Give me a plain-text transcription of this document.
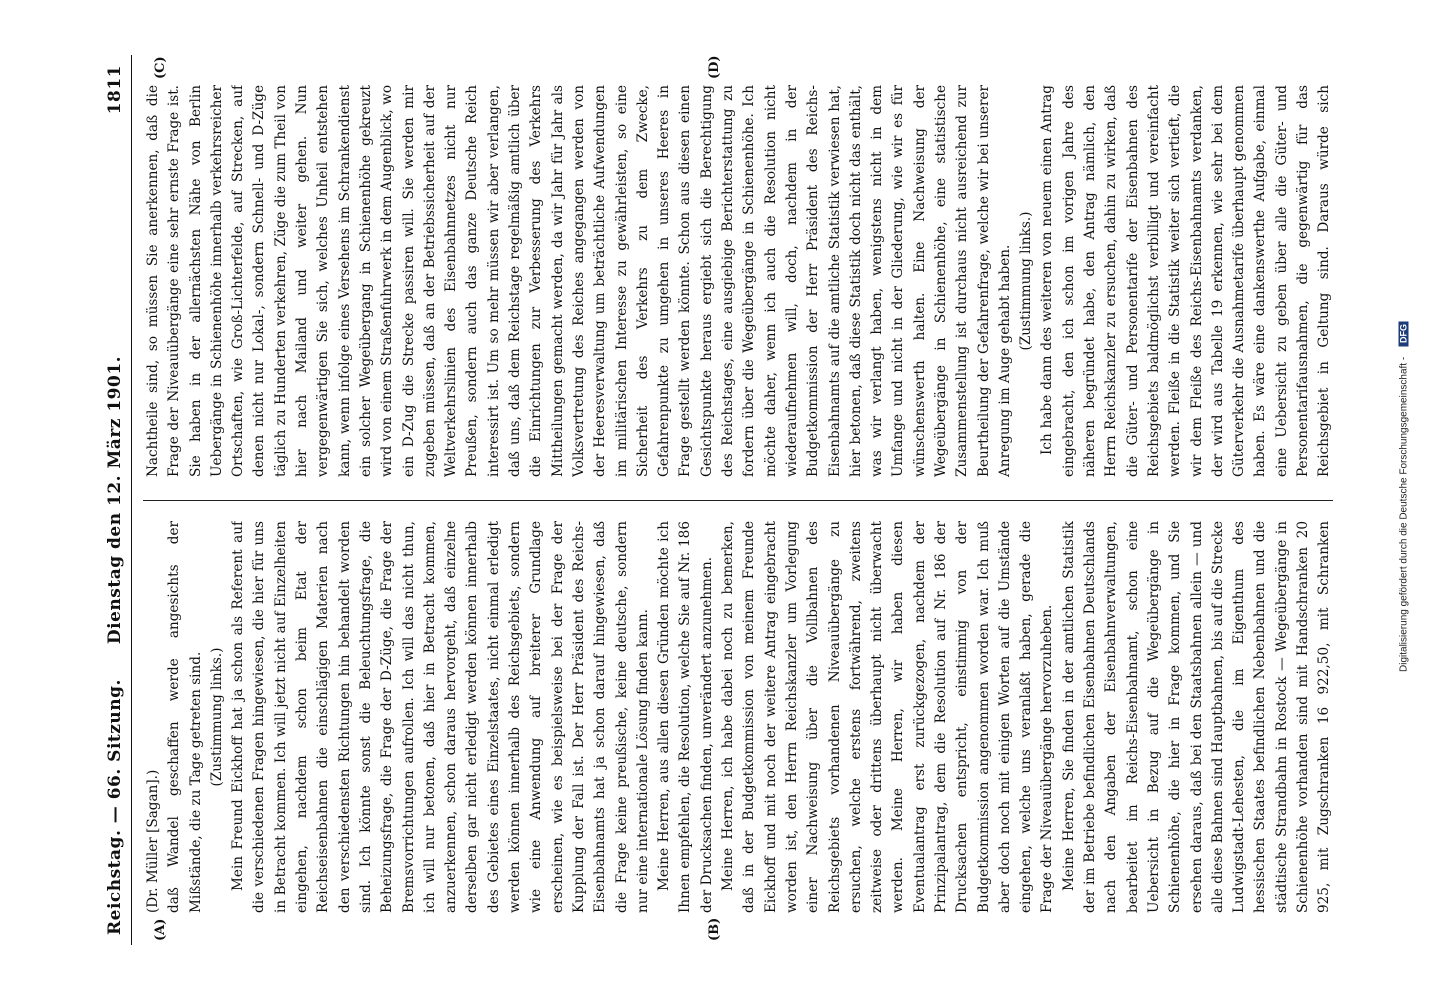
Reichstag. — 66. Sitzung.
Dienstag den 12. März 1901.
1811
(A)	(B)
(C)	(D)

(Dr. Müller [Sagan].) daß Wandel geschaffen werde angesichts der Mißstände, die zu Tage getreten sind. (Zustimmung links.) Mein Freund Eickhoff hat ja schon als Referent auf die verschiedenen Fragen hingewiesen, die hier für uns in Betracht kommen. Ich will jetzt nicht auf Einzelheiten eingehen, nachdem schon beim Etat der Reichseisenbahnen die einschlägigen Materien nach den verschiedensten Richtungen hin behandelt worden sind. Ich könnte sonst die Beleuchtungsfrage, die Beheizungsfrage, die Frage der D-Züge, die Frage der Bremsvorrichtungen aufrollen. Ich will das nicht thun, ich will nur betonen, daß hier in Betracht kommen, anzuerkennen, schon daraus hervorgeht, daß einzelne derselben gar nicht erledigt werden können innerhalb des Gebietes eines Einzelstaates, nicht einmal erledigt werden können innerhalb des Reichsgebiets, sondern wie eine Anwendung auf breiterer Grundlage erscheinen, wie es beispielsweise bei der Frage der Kupplung der Fall ist. Der Herr Präsident des Reichs-Eisenbahnamts hat ja schon darauf hingewiesen, daß die Frage keine preußische, keine deutsche, sondern nur eine internationale Lösung finden kann. Meine Herren, aus allen diesen Gründen möchte ich Ihnen empfehlen, die Resolution, welche Sie auf Nr. 186 der Drucksachen finden, unverändert anzunehmen. Meine Herren, ich habe dabei noch zu bemerken, daß in der Budgetkommission von meinem Freunde Eickhoff und mit noch der weitere Antrag eingebracht worden ist, den Herrn Reichskanzler um Vorlegung einer Nachweisung über die Vollbahnen des Reichsgebiets vorhandenen Niveauübergänge zu ersuchen, welche erstens fortwährend, zweitens zeitweise oder drittens überhaupt nicht überwacht werden. Meine Herren, wir haben diesen Eventualantrag erst zurückgezogen, nachdem der Prinzipalantrag, dem die Resolution auf Nr. 186 der Drucksachen entspricht, einstimmig von der Budgetkommission angenommen worden war. Ich muß aber doch noch mit einigen Worten auf die Umstände eingehen, welche uns veranlaßt haben, gerade die Frage der Niveauübergänge hervorzuheben. Meine Herren, Sie finden in der amtlichen Statistik der im Betriebe befindlichen Eisenbahnen Deutschlands nach den Angaben der Eisenbahnverwaltungen, bearbeitet im Reichs-Eisenbahnamt, schon eine Uebersicht in Bezug auf die Wegeübergänge in Schienenhöhe, die hier in Frage kommen, und Sie ersehen daraus, daß bei den Staatsbahnen allein — und alle diese Bahnen sind Hauptbahnen, bis auf die Strecke Ludwigstadt-Lehesten, die im Eigenthum des hessischen Staates befindlichen Nebenbahnen und die städtische Strandbahn in Rostock — Wegeübergänge in Schienenhöhe vorhanden sind mit Handschranken 20 925, mit Zugschranken 16 922,50, mit Schranken

Nachtheile sind, so müssen Sie anerkennen, daß die Frage der Niveauübergänge eine sehr ernste Frage ist. Sie haben in der allernächsten Nähe von Berlin Uebergänge in Schienenhöhe innerhalb verkehrsreicher Ortschaften, wie Groß-Lichterfelde, auf Strecken, auf denen nicht nur Lokal-, sondern Schnell- und D-Züge täglich zu Hunderten verkehren, Züge die zum Theil von hier nach Mailand und weiter gehen. Nun vergegenwärtigen Sie sich, welches Unheil entstehen kann, wenn infolge eines Versehens im Schrankendienst ein solcher Wegeübergang in Schienenhöhe gekreuzt wird von einem Straßenfuhrwerk in dem Augenblick, wo ein D-Zug die Strecke passiren will. Sie werden mir zugeben müssen, daß an der Betriebssicherheit auf der Weltverkehrslinien des Eisenbahnnetzes nicht nur Preußen, sondern auch das ganze Deutsche Reich interessirt ist. Um so mehr müssen wir aber verlangen, daß uns, daß dem Reichstage regelmäßig amtlich über die Einrichtungen zur Verbesserung des Verkehrs Mittheilungen gemacht werden, da wir Jahr für Jahr als Volksvertretung des Reiches angegangen werden von der Heeresverwaltung um beträchtliche Aufwendungen im militärischen Interesse zu gewährleisten, so eine Sicherheit des Verkehrs zu dem Zwecke, Gefahrenpunkte zu umgehen in unseres Heeres in Frage gestellt werden könnte. Schon aus diesen einen Gesichtspunkte heraus ergiebt sich die Berechtigung des Reichstages, eine ausgiebige Berichterstattung zu fordern über die Wegeübergänge in Schienenhöhe. Ich möchte daher, wenn ich auch die Resolution nicht wiederaufnehmen will, doch, nachdem in der Budgetkommission der Herr Präsident des Reichs-Eisenbahnamts auf die amtliche Statistik verwiesen hat, hier betonen, daß diese Statistik doch nicht das enthält, was wir verlangt haben, wenigstens nicht in dem Umfange und nicht in der Gliederung, wie wir es für wünschenswerth halten. Eine Nachweisung der Wegeübergänge in Schienenhöhe, eine statistische Zusammenstellung ist durchaus nicht ausreichend zur Beurtheilung der Gefahrenfrage, welche wir bei unserer Anregung im Auge gehabt haben. (Zustimmung links.)

Ich habe dann des weiteren von neuem einen Antrag eingebracht, den ich schon im vorigen Jahre des näheren begründet habe, den Antrag nämlich, den Herrn Reichskanzler zu ersuchen, dahin zu wirken, daß die Güter- und Personentarife der Eisenbahnen des Reichsgebiets baldmöglichst verbilligt und vereinfacht werden. Fleiße in die Statistik weiter sich vertieft, die wir dem Fleiße des Reichs-Eisenbahnamts verdanken, der wird aus Tabelle 19 erkennen, wie sehr bei dem Güterverkehr die Ausnahmetarife überhaupt genommen haben. Es wäre eine dankenswerthe Aufgabe, einmal eine Uebersicht zu geben über alle die Güter- und Personentarifausnahmen, die gegenwärtig für das Reichsgebiet in Geltung sind. Daraus würde sich

Digitalisierung gefördert durch die Deutsche Forschungsgemeinschaft - DFG
